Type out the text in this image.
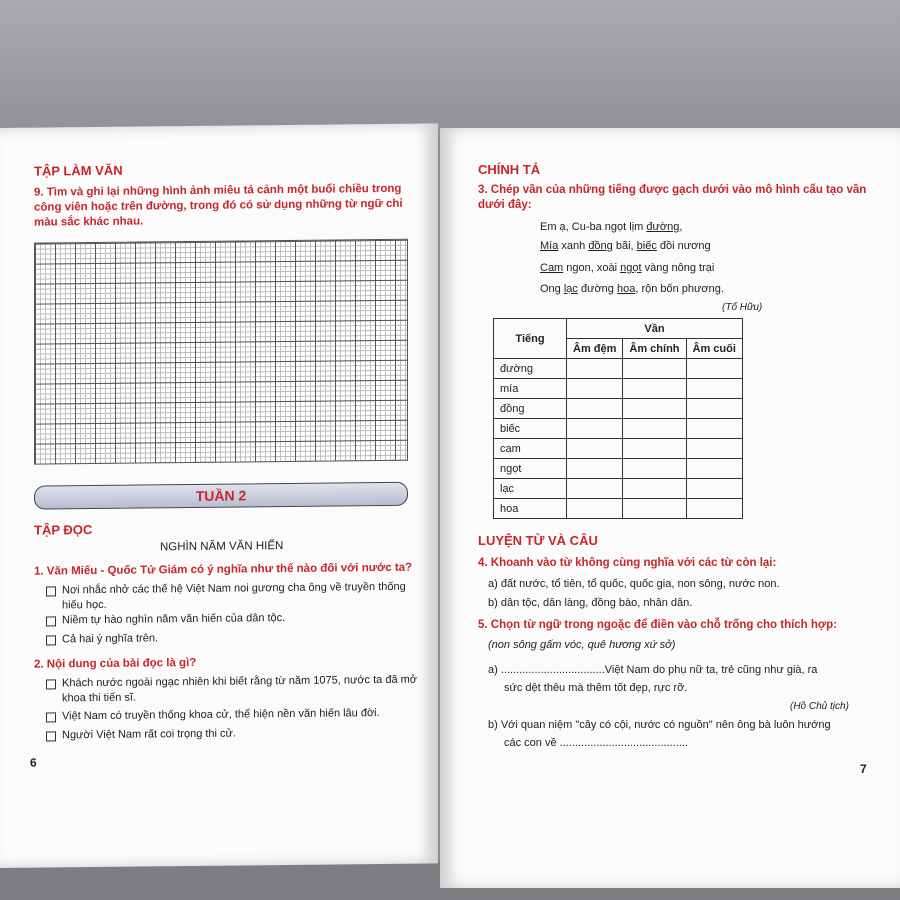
TẬP LÀM VĂN
9. Tìm và ghi lại những hình ảnh miêu tả cảnh một buổi chiều trong công viên hoặc trên đường, trong đó có sử dụng những từ ngữ chỉ màu sắc khác nhau.
TUẦN 2
TẬP ĐỌC
NGHÌN NĂM VĂN HIẾN
1. Văn Miếu - Quốc Tử Giám có ý nghĩa như thế nào đối với nước ta?
Nơi nhắc nhở các thế hệ Việt Nam noi gương cha ông về truyền thống hiếu học.
Niềm tự hào nghìn năm văn hiến của dân tộc.
Cả hai ý nghĩa trên.
2. Nội dung của bài đọc là gì?
Khách nước ngoài ngạc nhiên khi biết rằng từ năm 1075, nước ta đã mở khoa thi tiến sĩ.
Việt Nam có truyền thống khoa cử, thể hiện nền văn hiến lâu đời.
Người Việt Nam rất coi trọng thi cử.
6
CHÍNH TẢ
3. Chép vần của những tiếng được gạch dưới vào mô hình cấu tạo vần dưới đây:
Em ạ, Cu-ba ngọt lịm đường,
Mía xanh đồng bãi, biếc đồi nương
Cam ngon, xoài ngọt vàng nông trại
Ong lạc đường hoa, rộn bốn phương.
(Tố Hữu)
Tiếng	Vần		
	Âm đệm	Âm chính	Âm cuối
đường			
mía			
đồng			
biếc			
cam			
ngọt			
lạc			
hoa			
LUYỆN TỪ VÀ CÂU
4. Khoanh vào từ không cùng nghĩa với các từ còn lại:
a) đất nước, tổ tiên, tổ quốc, quốc gia, non sông, nước non.
b) dân tộc, dân làng, đồng bào, nhân dân.
5. Chọn từ ngữ trong ngoặc để điền vào chỗ trống cho thích hợp:
(non sông gấm vóc, quê hương xứ sở)
a) ..................................Việt Nam do phụ nữ ta, trẻ cũng như già, ra
sức dệt thêu mà thêm tốt đẹp, rực rỡ.
(Hồ Chủ tịch)
b) Với quan niệm "cây có cội, nước có nguồn" nên ông bà luôn hướng
các con về ..........................................
7
